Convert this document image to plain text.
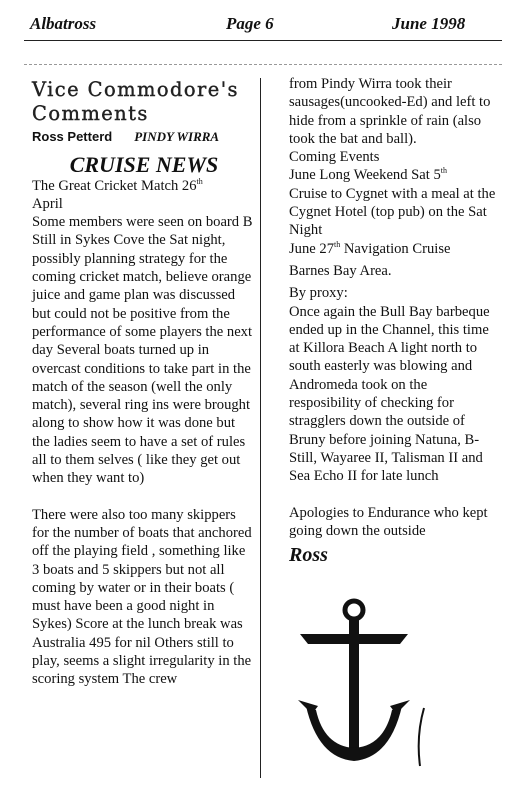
Albatross	Page 6	June 1998
Vice Commodore's
Comments
Ross Petterd PINDY WIRRA
CRUISE NEWS

The Great Cricket Match 26th

April

Some members were seen on board B Still in Sykes Cove the Sat night, possibly planning strategy for the coming cricket match, believe orange juice and game plan was discussed but could not be positive from the performance of some players the next day Several boats turned up in overcast conditions to take part in the match of the season (well the only match), several ring ins were brought along to show how it was done but the ladies seem to have a set of rules all to them selves ( like they get out when they want to)

There were also too many skippers for the number of boats that anchored off the playing field , something like 3 boats and 5 skippers but not all coming by water or in their boats ( must have been a good night in Sykes) Score at the lunch break was Australia 495 for nil Others still to play, seems a slight irregularity in the scoring system The crew

from Pindy Wirra took their sausages(uncooked-Ed) and left to hide from a sprinkle of rain (also took the bat and ball).

Coming Events

June Long Weekend Sat 5th

Cruise to Cygnet with a meal at the Cygnet Hotel (top pub) on the Sat Night

June 27th Navigation Cruise

Barnes Bay Area.

By proxy:

Once again the Bull Bay barbeque ended up in the Channel, this time at Killora Beach A light north to south easterly was blowing and Andromeda took on the resposibility of checking for stragglers down the outside of Bruny before joining Natuna, B-Still, Wayaree II, Talisman II and Sea Echo II for late lunch

Apologies to Endurance who kept going down the outside

Ross
